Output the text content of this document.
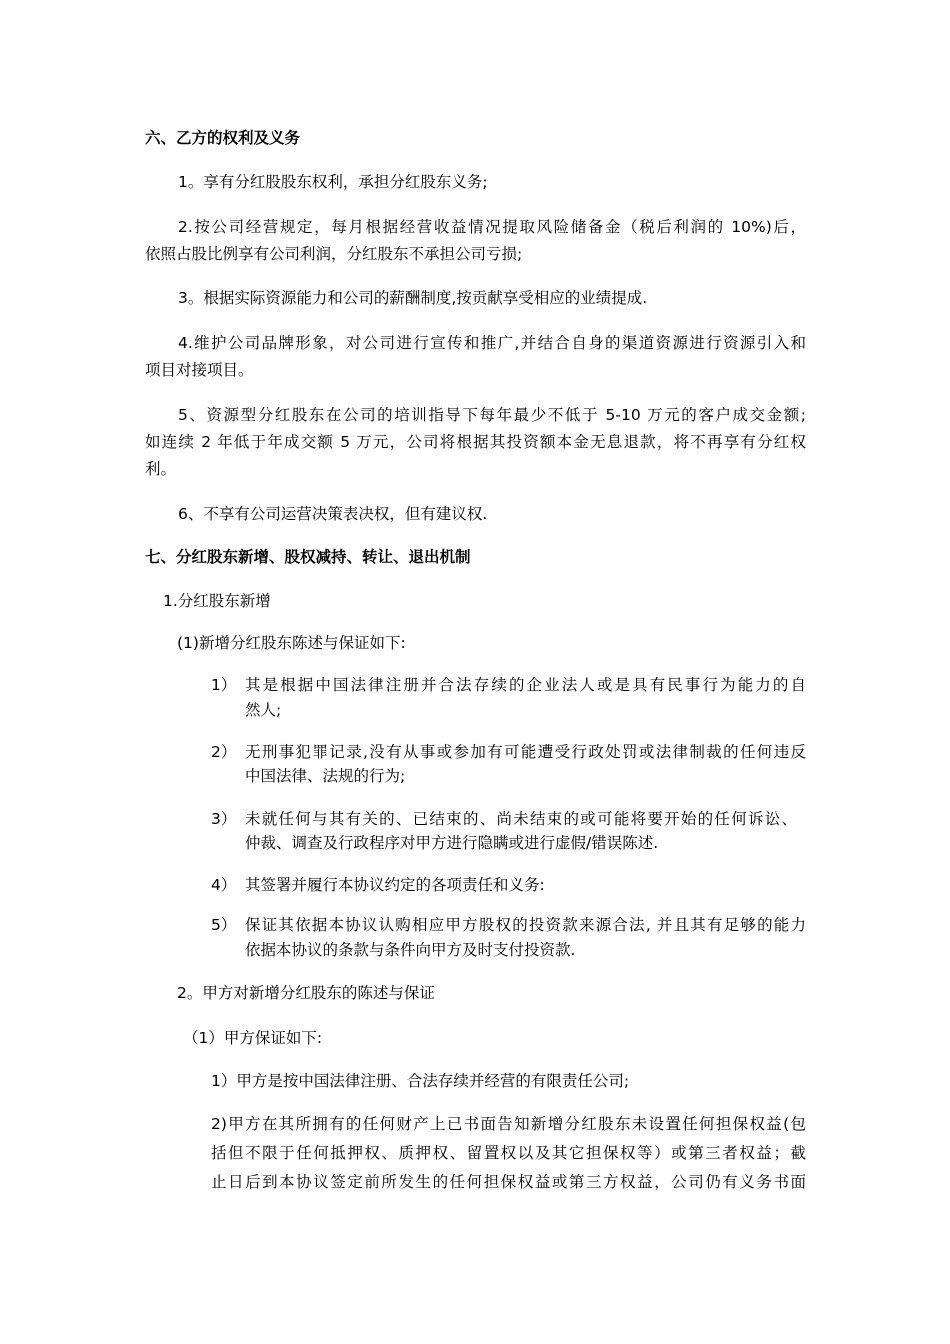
六、乙方的权利及义务
1。享有分红股股东权利，承担分红股东义务;
2.按公司经营规定，每月根据经营收益情况提取风险储备金（税后利润的 10%)后，
依照占股比例享有公司利润，分红股东不承担公司亏损;
3。根据实际资源能力和公司的薪酬制度,按贡献享受相应的业绩提成.
4.维护公司品牌形象，对公司进行宣传和推广,并结合自身的渠道资源进行资源引入和
项目对接项目。
5、资源型分红股东在公司的培训指导下每年最少不低于 5-10 万元的客户成交金额;
如连续 2 年低于年成交额 5 万元，公司将根据其投资额本金无息退款，将不再享有分红权
利。
6、不享有公司运营决策表决权，但有建议权.
七、分红股东新增、股权减持、转让、退出机制
1.分红股东新增
(1)新增分红股东陈述与保证如下:
1） 其是根据中国法律注册并合法存续的企业法人或是具有民事行为能力的自
然人;
2） 无刑事犯罪记录,没有从事或参加有可能遭受行政处罚或法律制裁的任何违反
中国法律、法规的行为;
3） 未就任何与其有关的、已结束的、尚未结束的或可能将要开始的任何诉讼、
仲裁、调查及行政程序对甲方进行隐瞒或进行虚假/错误陈述.
4） 其签署并履行本协议约定的各项责任和义务:
5） 保证其依据本协议认购相应甲方股权的投资款来源合法, 并且其有足够的能力
依据本协议的条款与条件向甲方及时支付投资款.
2。甲方对新增分红股东的陈述与保证
（1）甲方保证如下:
1）甲方是按中国法律注册、合法存续并经营的有限责任公司;
2)甲方在其所拥有的任何财产上已书面告知新增分红股东未设置任何担保权益(包
括但不限于任何抵押权、质押权、留置权以及其它担保权等）或第三者权益；截
止日后到本协议签定前所发生的任何担保权益或第三方权益，公司仍有义务书面
